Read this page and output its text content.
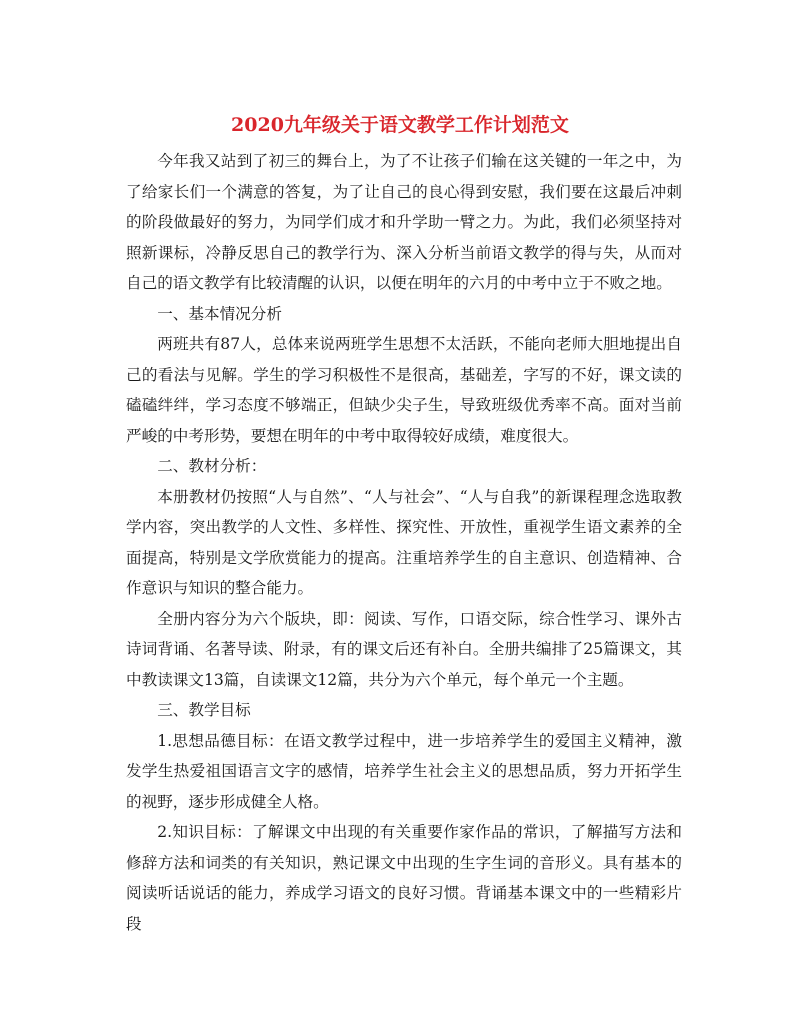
2020九年级关于语文教学工作计划范文

今年我又站到了初三的舞台上，为了不让孩子们输在这关键的一年之中，为了给家长们一个满意的答复，为了让自己的良心得到安慰，我们要在这最后冲刺的阶段做最好的努力，为同学们成才和升学助一臂之力。为此，我们必须坚持对照新课标，冷静反思自己的教学行为、深入分析当前语文教学的得与失，从而对自己的语文教学有比较清醒的认识，以便在明年的六月的中考中立于不败之地。

一、基本情况分析

两班共有87人，总体来说两班学生思想不太活跃，不能向老师大胆地提出自己的看法与见解。学生的学习积极性不是很高，基础差，字写的不好，课文读的磕磕绊绊，学习态度不够端正，但缺少尖子生，导致班级优秀率不高。面对当前严峻的中考形势，要想在明年的中考中取得较好成绩，难度很大。

二、教材分析：

本册教材仍按照“人与自然”、“人与社会”、“人与自我”的新课程理念选取教学内容，突出教学的人文性、多样性、探究性、开放性，重视学生语文素养的全面提高，特别是文学欣赏能力的提高。注重培养学生的自主意识、创造精神、合作意识与知识的整合能力。

全册内容分为六个版块，即：阅读、写作，口语交际，综合性学习、课外古诗词背诵、名著导读、附录，有的课文后还有补白。全册共编排了25篇课文，其中教读课文13篇，自读课文12篇，共分为六个单元，每个单元一个主题。

三、教学目标

1.思想品德目标：在语文教学过程中，进一步培养学生的爱国主义精神，激发学生热爱祖国语言文字的感情，培养学生社会主义的思想品质，努力开拓学生的视野，逐步形成健全人格。

2.知识目标：了解课文中出现的有关重要作家作品的常识，了解描写方法和修辞方法和词类的有关知识，熟记课文中出现的生字生词的音形义。具有基本的阅读听话说话的能力，养成学习语文的良好习惯。背诵基本课文中的一些精彩片段
